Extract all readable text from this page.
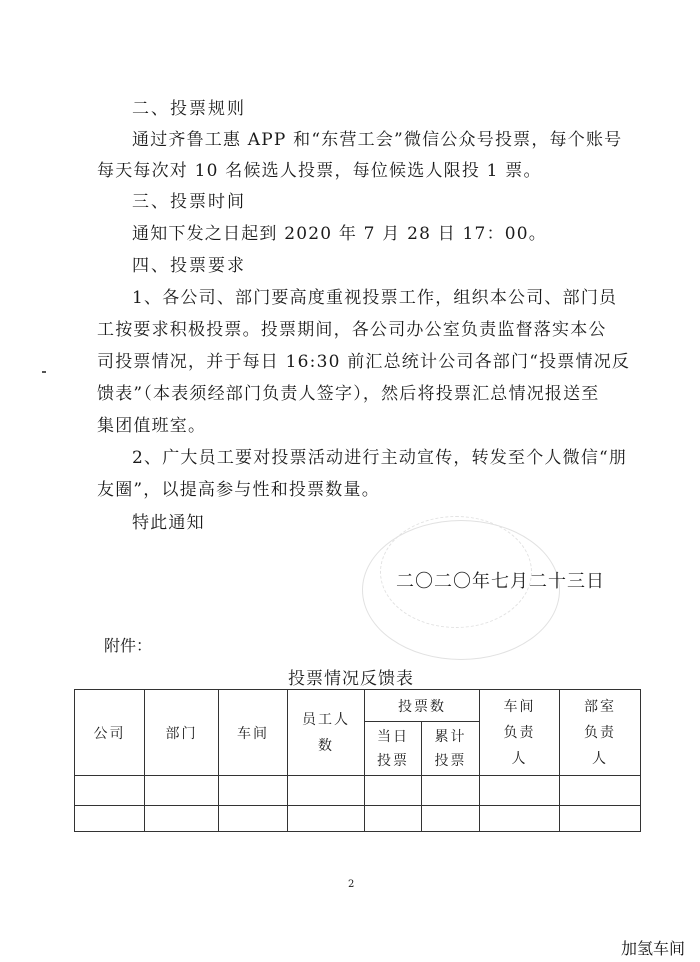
二、投票规则
通过齐鲁工惠 APP 和“东营工会”微信公众号投票，每个账号
每天每次对 10 名候选人投票，每位候选人限投 1 票。
三、投票时间
通知下发之日起到 2020 年 7 月 28 日 17：00。
四、投票要求
1、各公司、部门要高度重视投票工作，组织本公司、部门员
工按要求积极投票。投票期间，各公司办公室负责监督落实本公
司投票情况，并于每日 16:30 前汇总统计公司各部门“投票情况反
馈表”（本表须经部门负责人签字），然后将投票汇总情况报送至
集团值班室。
2、广大员工要对投票活动进行主动宣传，转发至个人微信“朋
友圈”，以提高参与性和投票数量。
特此通知
二〇二〇年七月二十三日
附件：
投票情况反馈表
公司	部门	车间	员工人数	投票数		车间负责人	部室负责人
				当日投票	累计投票		

2
加氢车间
